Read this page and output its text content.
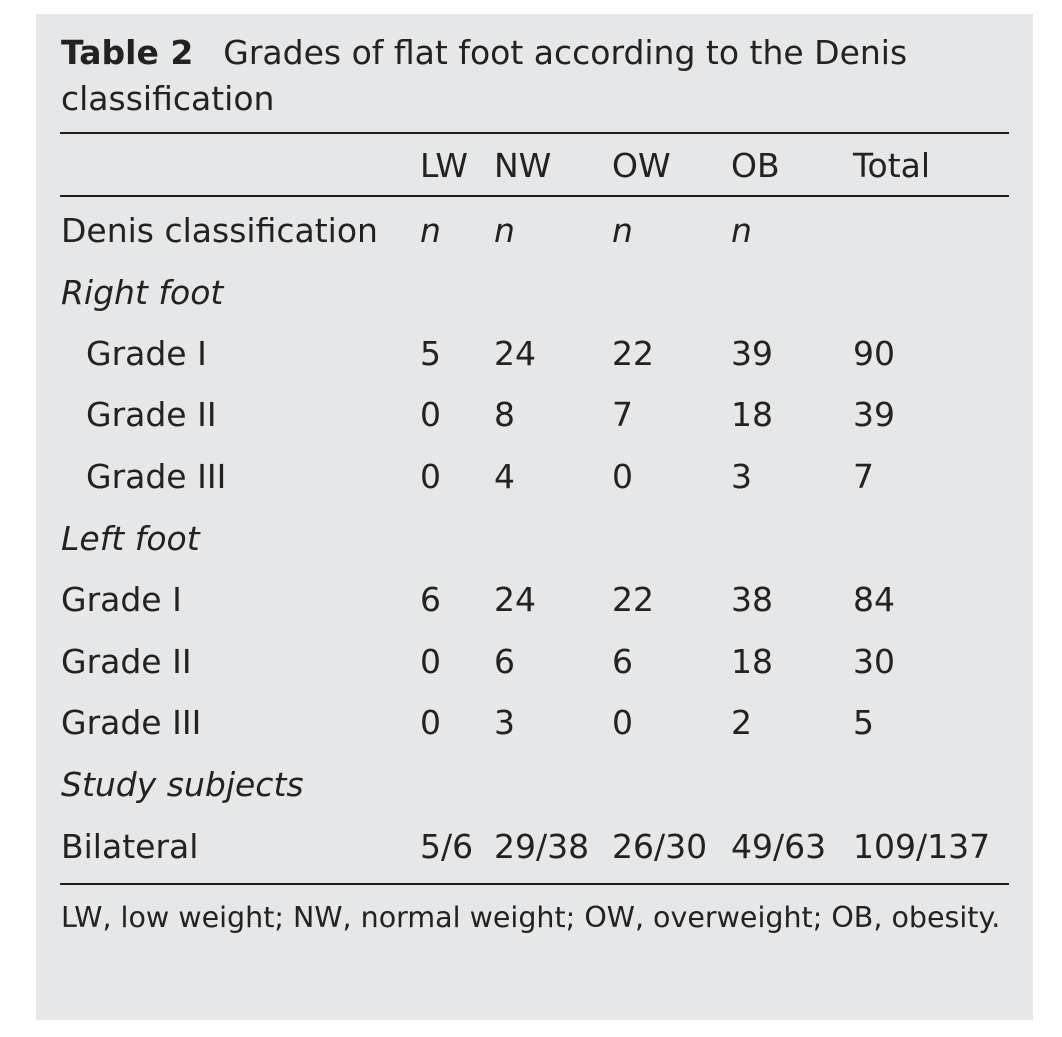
Table 2 Grades of flat foot according to the Denis
classification
LW NW OW OB Total
Denis classification n n	n	n
Right foot
Grade I	5 24 22 39 90
Grade II	0 8	7	18 39
Grade III	0 4	0	3	7
Left foot
Grade I	6 24 22 38 84
Grade II	0 6	6	18 30
Grade III	0 3	0	2	5
Study subjects
Bilateral	5/6 29/38 26/30 49/63 109/137
LW, low weight; NW, normal weight; OW, overweight; OB, obesity.
